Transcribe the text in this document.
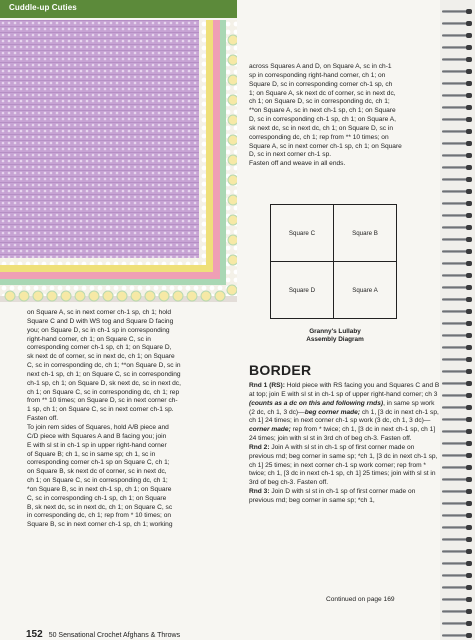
Cuddle-up Cuties
on Square A, sc in next corner ch-1 sp, ch 1; hold
Square C and D with WS tog and Square D facing
you; on Square D, sc in ch-1 sp in corresponding
right-hand corner, ch 1; on Square C, sc in
corresponding corner ch-1 sp, ch 1; on Square D,
sk next dc of corner, sc in next dc, ch 1; on Square
C, sc in corresponding dc, ch 1; **on Square D, sc in
next ch-1 sp, ch 1; on Square C, sc in corresponding
ch-1 sp, ch 1; on Square D, sk next dc, sc in next dc,
ch 1; on Square C, sc in corresponding dc, ch 1; rep
from ** 10 times; on Square D, sc in next corner ch-
1 sp, ch 1; on Square C, sc in next corner ch-1 sp.
Fasten off.
To join rem sides of Squares, hold A/B piece and
C/D piece with Squares A and B facing you; join
E with sl st in ch-1 sp in upper right-hand corner
of Square B; ch 1, sc in same sp; ch 1, sc in
corresponding corner ch-1 sp on Square C, ch 1;
on Square B, sk next dc of corner, sc in next dc,
ch 1; on Square C, sc in corresponding dc, ch 1;
*on Square B, sc in next ch-1 sp, ch 1; on Square
C, sc in corresponding ch-1 sp, ch 1; on Square
B, sk next dc, sc in next dc, ch 1; on Square C, sc
in corresponding dc, ch 1; rep from * 10 times; on
Square B, sc in next corner ch-1 sp, ch 1; working
across Squares A and D, on Square A, sc in ch-1
sp in corresponding right-hand corner, ch 1; on
Square D, sc in corresponding corner ch-1 sp, ch
1; on Square A, sk next dc of corner, sc in next dc,
ch 1; on Square D, sc in corresponding dc, ch 1;
**on Square A, sc in next ch-1 sp, ch 1; on Square
D, sc in corresponding ch-1 sp, ch 1; on Square A,
sk next dc, sc in next dc, ch 1; on Square D, sc in
corresponding dc, ch 1; rep from ** 10 times; on
Square A, sc in next corner ch-1 sp, ch 1; on Square
D, sc in next corner ch-1 sp.
Fasten off and weave in all ends.
Square C	Square B
Square D	Square A
Granny's Lullaby
Assembly Diagram
BORDER

Rnd 1 (RS): Hold piece with RS facing you and Squares C and B at top; join E with sl st in ch-1 sp of upper right-hand corner; ch 3 (counts as a dc on this and following rnds), in same sp work (2 dc, ch 1, 3 dc)—beg corner made; ch 1, [3 dc in next ch-1 sp, ch 1] 24 times; in next corner ch-1 sp work (3 dc, ch 1, 3 dc)—corner made; rep from * twice; ch 1, [3 dc in next ch-1 sp, ch 1] 24 times; join with sl st in 3rd ch of beg ch-3. Fasten off.

Rnd 2: Join A with sl st in ch-1 sp of first corner made on previous rnd; beg corner in same sp; *ch 1, [3 dc in next ch-1 sp, ch 1] 25 times; in next corner ch-1 sp work corner; rep from * twice; ch 1, [3 dc in next ch-1 sp, ch 1] 25 times; join with sl st in 3rd of beg ch-3. Fasten off.

Rnd 3: Join D with sl st in ch-1 sp of first corner made on previous rnd; beg corner in same sp; *ch 1,

Continued on page 169
152 50 Sensational Crochet Afghans & Throws
